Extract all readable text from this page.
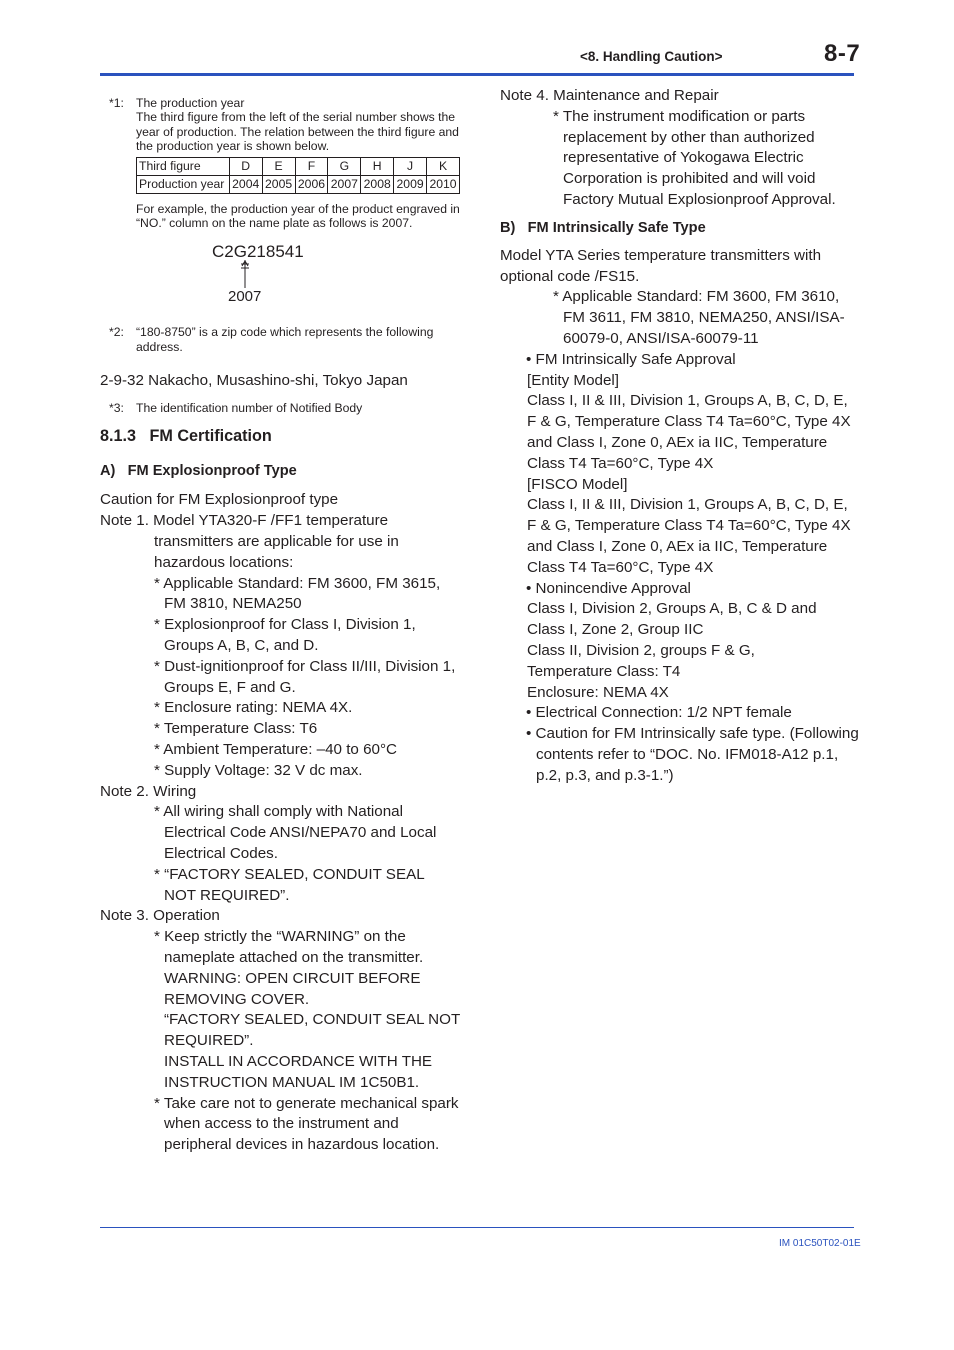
<8. Handling Caution>	8-7
*1: The production year
The third figure from the left of the serial number shows the year of production. The relation between the third figure and the production year is shown below.
Third figure	D	E	F	G	H	J	K
Production year	2004	2005	2006	2007	2008	2009	2010
For example, the production year of the product engraved in “NO.” column on the name plate as follows is 2007.
C2G218541
2007
*2: “180-8750” is a zip code which represents the following address.
2-9-32 Nakacho, Musashino-shi, Tokyo Japan
*3: The identification number of Notified Body
8.1.3   FM Certification
A)   FM Explosionproof Type
Caution for FM Explosionproof type
Note 1. Model YTA320-F /FF1 temperature
transmitters are applicable for use in hazardous locations:
* Applicable Standard: FM 3600, FM 3615, FM 3810, NEMA250
* Explosionproof for Class I, Division 1, Groups A, B, C, and D.
* Dust-ignitionproof for Class II/III, Division 1, Groups E, F and G.
* Enclosure rating: NEMA 4X.
* Temperature Class: T6
* Ambient Temperature: –40 to 60°C
* Supply Voltage: 32 V dc max.
Note 2. Wiring
* All wiring shall comply with National Electrical Code ANSI/NEPA70 and Local Electrical Codes.
* “FACTORY SEALED, CONDUIT SEAL NOT REQUIRED”.
Note 3. Operation
* Keep strictly the “WARNING” on the nameplate attached on the transmitter.
WARNING: OPEN CIRCUIT BEFORE REMOVING COVER.
“FACTORY SEALED, CONDUIT SEAL NOT REQUIRED”.
INSTALL IN ACCORDANCE WITH THE INSTRUCTION MANUAL IM 1C50B1.
* Take care not to generate mechanical spark when access to the instrument and peripheral devices in hazardous location.
Note 4. Maintenance and Repair
* The instrument modification or parts replacement by other than authorized representative of Yokogawa Electric Corporation is prohibited and will void Factory Mutual Explosionproof Approval.
B)   FM Intrinsically Safe Type
Model YTA Series temperature transmitters with optional code /FS15.
* Applicable Standard: FM 3600, FM 3610, FM 3611, FM 3810, NEMA250, ANSI/ISA-60079-0, ANSI/ISA-60079-11
• FM Intrinsically Safe Approval
[Entity Model]
Class I, II & III, Division 1, Groups A, B, C, D, E, F & G, Temperature Class T4 Ta=60°C, Type 4X and Class I, Zone 0, AEx ia IIC, Temperature Class T4 Ta=60°C, Type 4X
[FISCO Model]
Class I, II & III, Division 1, Groups A, B, C, D, E, F & G, Temperature Class T4 Ta=60°C, Type 4X and Class I, Zone 0, AEx ia IIC, Temperature Class T4 Ta=60°C, Type 4X
• Nonincendive Approval
Class I, Division 2, Groups A, B, C & D and
Class I, Zone 2, Group IIC
Class II, Division 2, groups F & G,
Temperature Class: T4
Enclosure: NEMA 4X
• Electrical Connection: 1/2 NPT female
• Caution for FM Intrinsically safe type. (Following contents refer to “DOC. No. IFM018-A12 p.1, p.2, p.3, and p.3-1.”)
IM 01C50T02-01E
